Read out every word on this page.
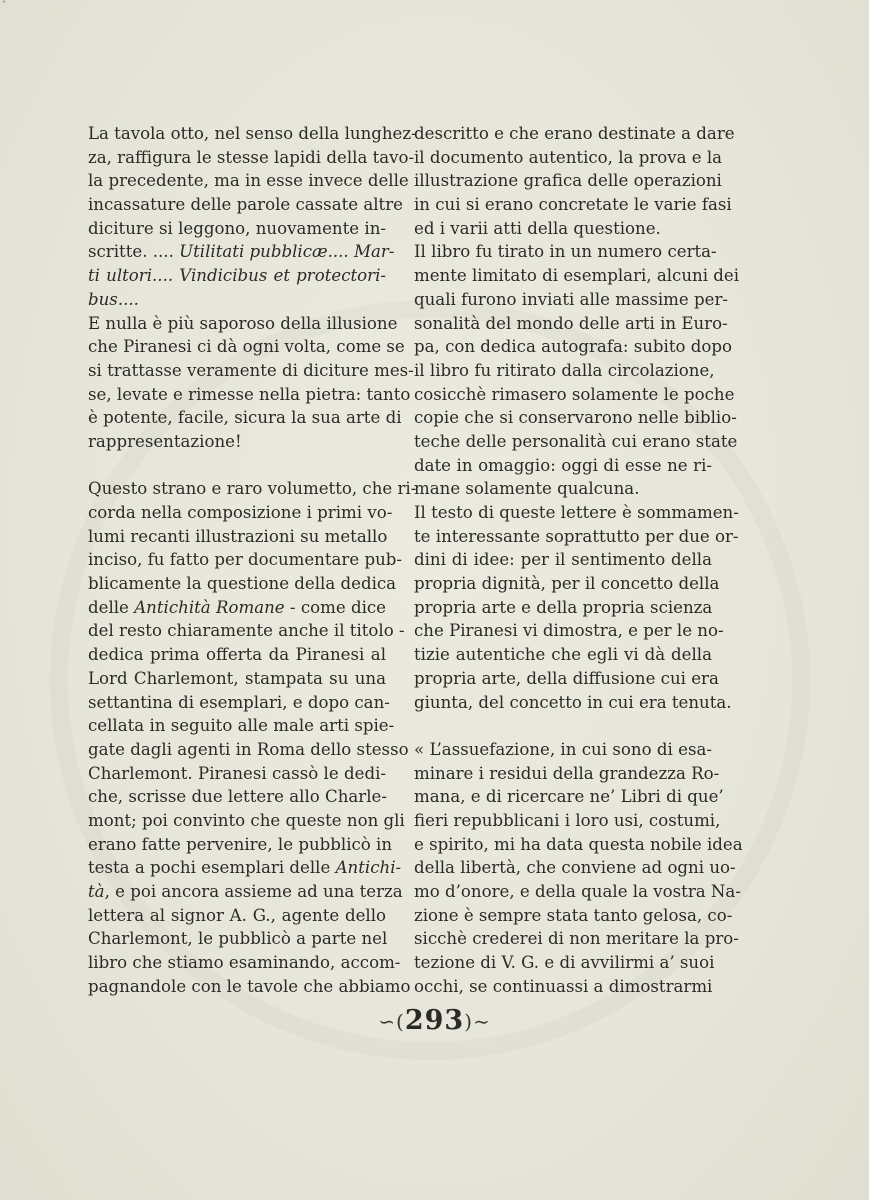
˄
La tavola otto, nel senso della lunghez-
za, raffigura le stesse lapidi della tavo-
la precedente, ma in esse invece delle
incassature delle parole cassate altre
diciture si leggono, nuovamente in-
scritte. .... Utilitati pubblicæ.... Mar-
ti ultori.... Vindicibus et protectori-
bus....
E nulla è più saporoso della illusione
che Piranesi ci dà ogni volta, come se
si trattasse veramente di diciture mes-
se, levate e rimesse nella pietra: tanto
è potente, facile, sicura la sua arte di
rappresentazione!
Questo strano e raro volumetto, che ri-
corda nella composizione i primi vo-
lumi recanti illustrazioni su metallo
inciso, fu fatto per documentare pub-
blicamente la questione della dedica
delle Antichità Romane - come dice
del resto chiaramente anche il titolo -
dedica prima offerta da Piranesi al
Lord Charlemont, stampata su una
settantina di esemplari, e dopo can-
cellata in seguito alle male arti spie-
gate dagli agenti in Roma dello stesso
Charlemont. Piranesi cassò le dedi-
che, scrisse due lettere allo Charle-
mont; poi convinto che queste non gli
erano fatte pervenire, le pubblicò in
testa a pochi esemplari delle Antichi-
tà, e poi ancora assieme ad una terza
lettera al signor A. G., agente dello
Charlemont, le pubblicò a parte nel
libro che stiamo esaminando, accom-
pagnandole con le tavole che abbiamo
descritto e che erano destinate a dare
il documento autentico, la prova e la
illustrazione grafica delle operazioni
in cui si erano concretate le varie fasi
ed i varii atti della questione.
Il libro fu tirato in un numero certa-
mente limitato di esemplari, alcuni dei
quali furono inviati alle massime per-
sonalità del mondo delle arti in Euro-
pa, con dedica autografa: subito dopo
il libro fu ritirato dalla circolazione,
cosicchè rimasero solamente le poche
copie che si conservarono nelle biblio-
teche delle personalità cui erano state
date in omaggio: oggi di esse ne ri-
mane solamente qualcuna.
Il testo di queste lettere è sommamen-
te interessante soprattutto per due or-
dini di idee: per il sentimento della
propria dignità, per il concetto della
propria arte e della propria scienza
che Piranesi vi dimostra, e per le no-
tizie autentiche che egli vi dà della
propria arte, della diffusione cui era
giunta, del concetto in cui era tenuta.
« L’assuefazione, in cui sono di esa-
minare i residui della grandezza Ro-
mana, e di ricercare ne’ Libri di que’
fieri repubblicani i loro usi, costumi,
e spirito, mi ha data questa nobile idea
della libertà, che conviene ad ogni uo-
mo d’onore, e della quale la vostra Na-
zione è sempre stata tanto gelosa, co-
sicchè crederei di non meritare la pro-
tezione di V. G. e di avvilirmi a’ suoi
occhi, se continuassi a dimostrarmi
∽(293)∼
